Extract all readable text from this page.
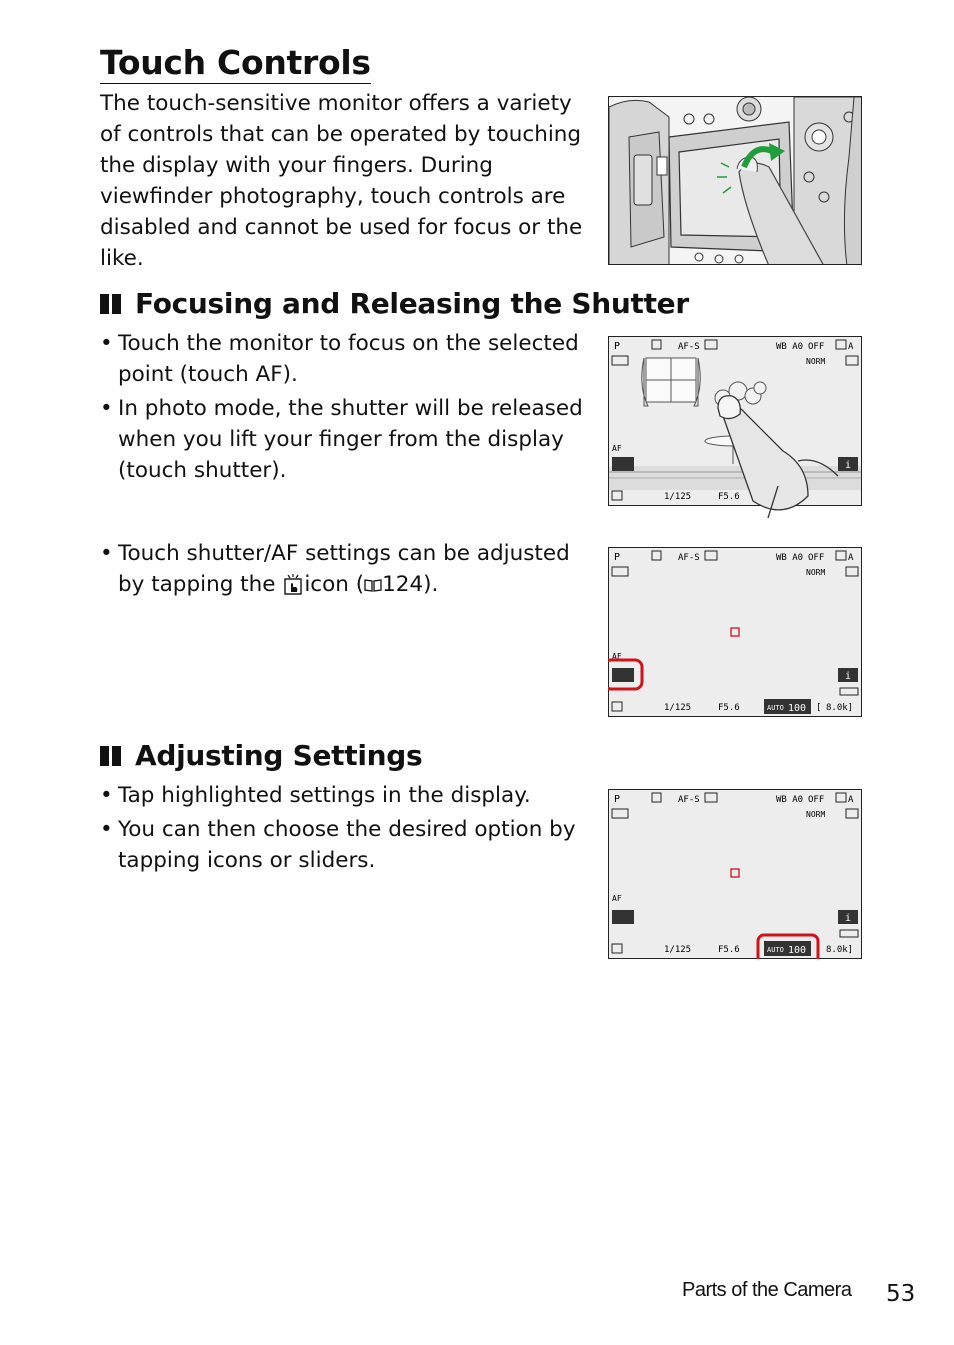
Touch Controls

The touch-sensitive monitor offers a variety of controls that can be operated by touching the display with your fingers. During viewfinder photography, touch controls are disabled and cannot be used for focus or the like.

Focusing and Releasing the Shutter
• Touch the monitor to focus on the selected point (touch AF).
• In photo mode, the shutter will be released when you lift your finger from the display (touch shutter).
• Touch shutter/AF settings can be adjusted by tapping the icon ( 124).
P	AF-S	WB A0 OFF	A
NORM
AF
i
1/125	F5.6
P	AF-S	WB A0 OFF	A
NORM
AF
i
1/125	F5.6	AUTO 100 [ 8.0k]
Adjusting Settings
• Tap highlighted settings in the display.
• You can then choose the desired option by tapping icons or sliders.
P	AF-S	WB A0 OFF	A
NORM
AF
i
1/125	F5.6	AUTO 100 8.0k]
Parts of the Camera 53
